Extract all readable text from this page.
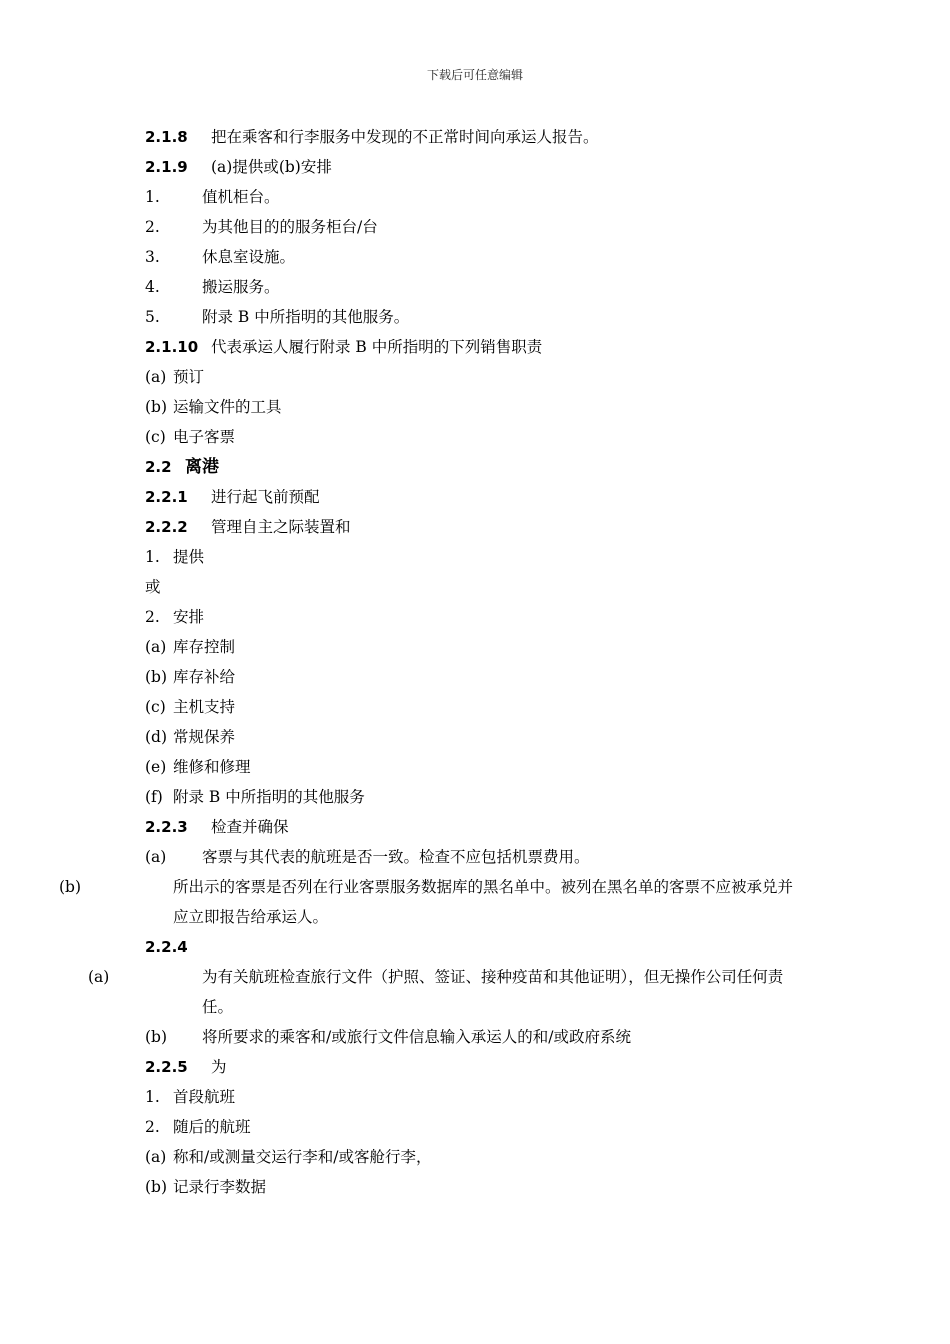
下载后可任意编辑
2.1.8 把在乘客和行李服务中发现的不正常时间向承运人报告。
2.1.9 (a)提供或(b)安排
1.	值机柜台。
2.	为其他目的的服务柜台/台
3.	休息室设施。
4.	搬运服务。
5.	附录 B 中所指明的其他服务。
2.1.10 代表承运人履行附录 B 中所指明的下列销售职责
(a) 预订
(b) 运输文件的工具
(c) 电子客票
2.2 离港
2.2.1 进行起飞前预配
2.2.2 管理自主之际装置和
1. 提供
或
2. 安排
(a) 库存控制
(b) 库存补给
(c) 主机支持
(d) 常规保养
(e) 维修和修理
(f) 附录 B 中所指明的其他服务
2.2.3 检查并确保
(a) 客票与其代表的航班是否一致。检查不应包括机票费用。
(b)	所出示的客票是否列在行业客票服务数据库的黑名单中。被列在黑名单的客票不应被承兑并应立即报告给承运人。
2.2.4
(a)	为有关航班检查旅行文件（护照、签证、接种疫苗和其他证明），但无操作公司任何责任。
(b) 将所要求的乘客和/或旅行文件信息输入承运人的和/或政府系统
2.2.5 为
1. 首段航班
2. 随后的航班
(a) 称和/或测量交运行李和/或客舱行李，
(b) 记录行李数据
